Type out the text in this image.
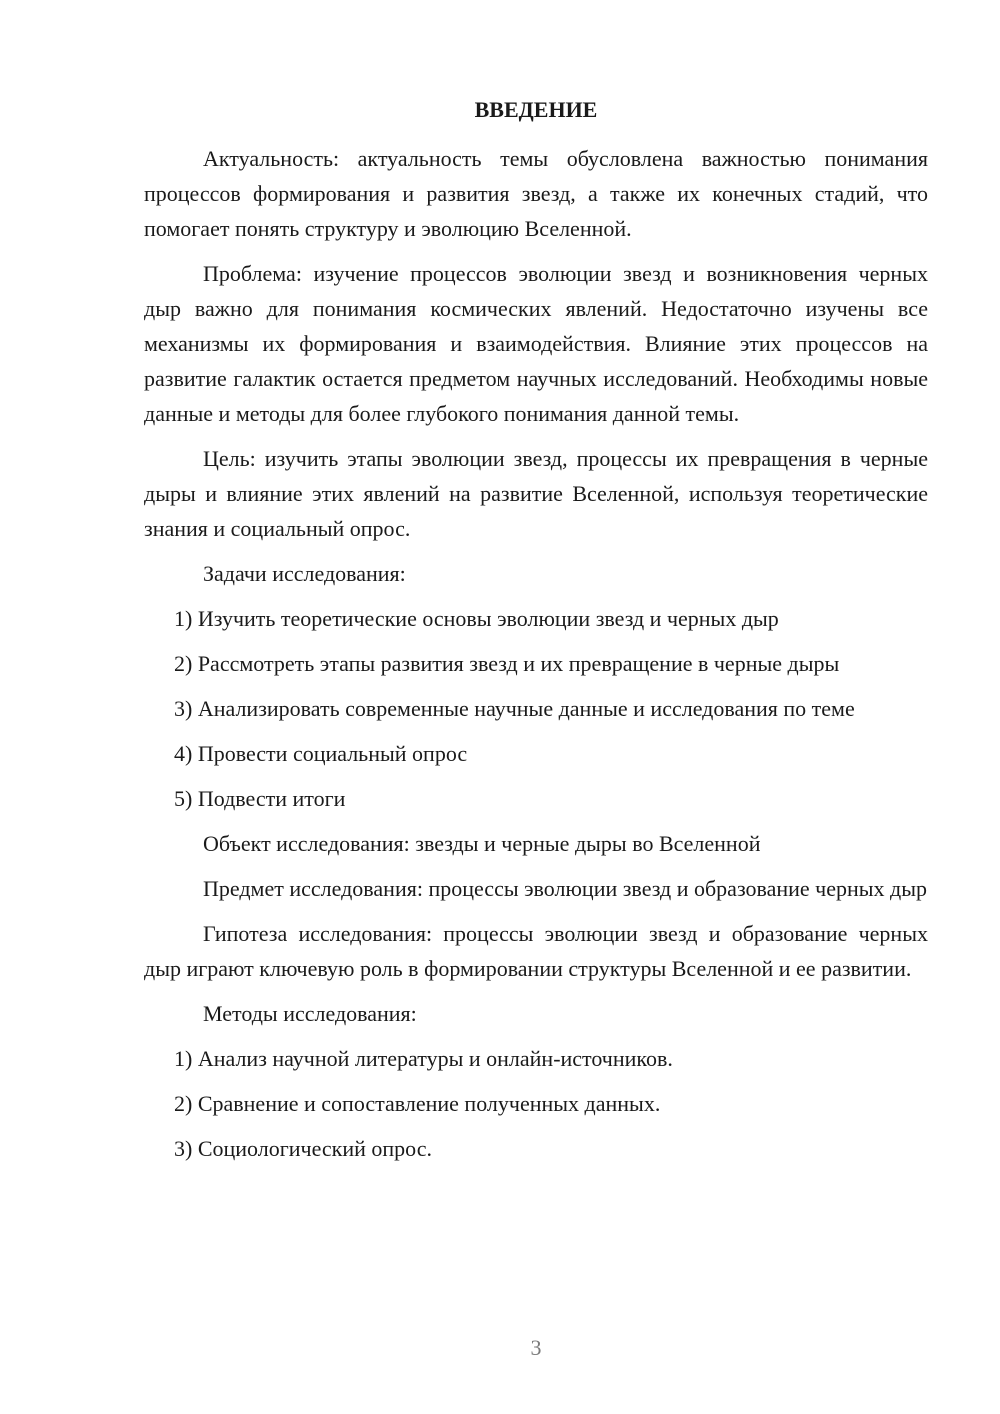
ВВЕДЕНИЕ

Актуальность: актуальность темы обусловлена важностью понимания процессов формирования и развития звезд, а также их конечных стадий, что помогает понять структуру и эволюцию Вселенной.

Проблема: изучение процессов эволюции звезд и возникновения черных дыр важно для понимания космических явлений. Недостаточно изучены все механизмы их формирования и взаимодействия. Влияние этих процессов на развитие галактик остается предметом научных исследований. Необходимы новые данные и методы для более глубокого понимания данной темы.

Цель: изучить этапы эволюции звезд, процессы их превращения в черные дыры и влияние этих явлений на развитие Вселенной, используя теоретические знания и социальный опрос.

Задачи исследования:

1) Изучить теоретические основы эволюции звезд и черных дыр

2) Рассмотреть этапы развития звезд и их превращение в черные дыры

3) Анализировать современные научные данные и исследования по теме

4) Провести социальный опрос

5) Подвести итоги

Объект исследования: звезды и черные дыры во Вселенной

Предмет исследования: процессы эволюции звезд и образование черных дыр

Гипотеза исследования: процессы эволюции звезд и образование черных дыр играют ключевую роль в формировании структуры Вселенной и ее развитии.

Методы исследования:

1) Анализ научной литературы и онлайн-источников.

2) Сравнение и сопоставление полученных данных.

3) Социологический опрос.

3
